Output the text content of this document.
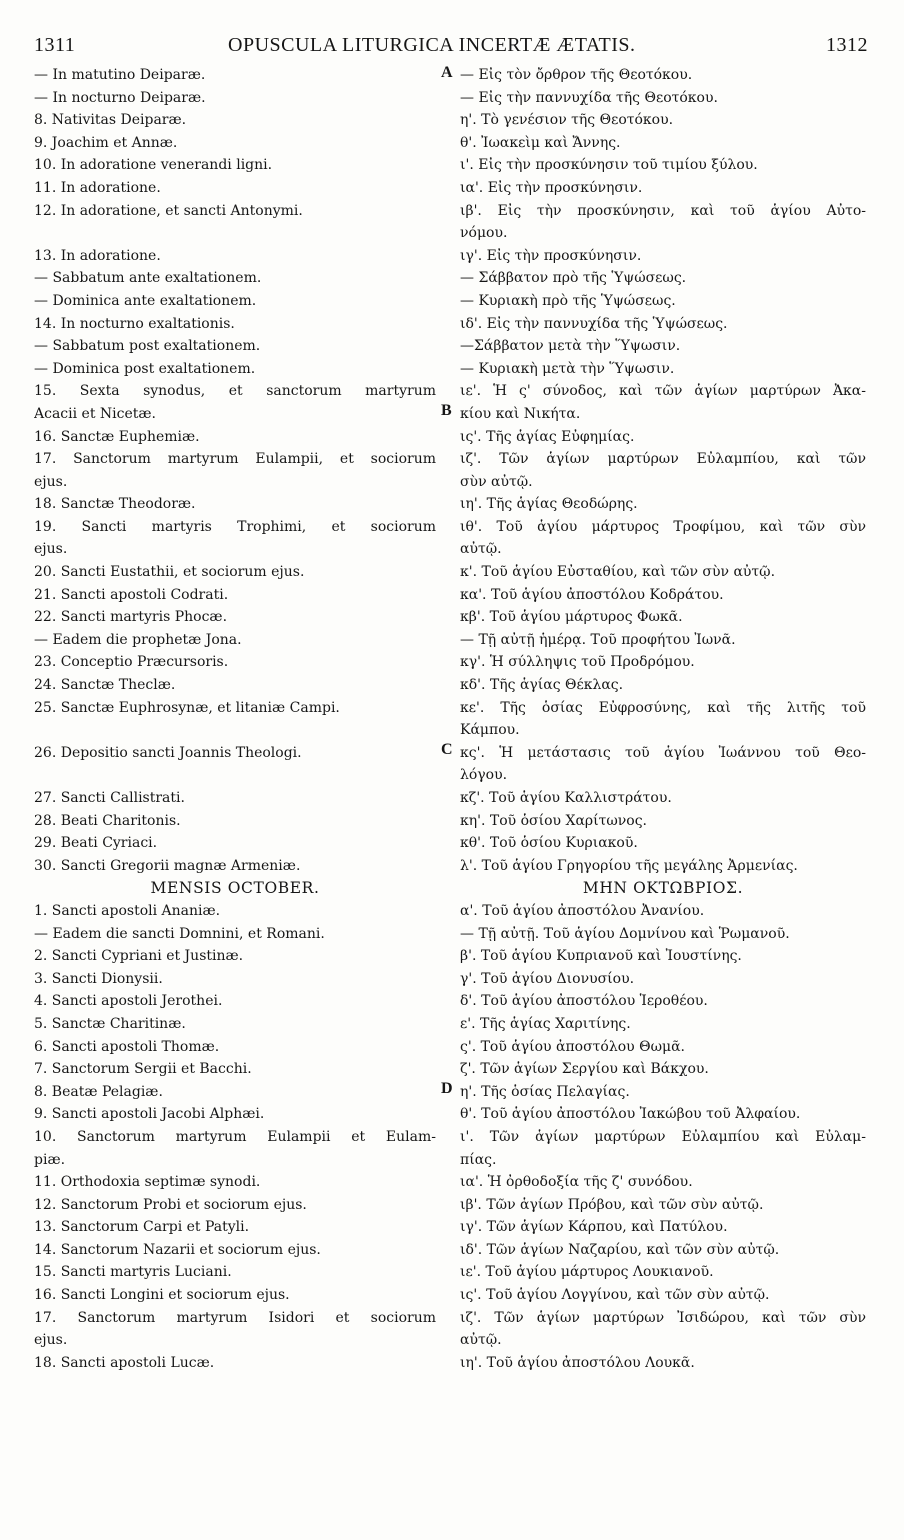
1311	OPUSCULA LITURGICA INCERTÆ ÆTATIS.	1312
— In matutino Deiparæ.
— In nocturno Deiparæ.
8. Nativitas Deiparæ.
9. Joachim et Annæ.
10. In adoratione venerandi ligni.
11. In adoratione.
12. In adoratione, et sancti Antonymi.
13. In adoratione.
— Sabbatum ante exaltationem.
— Dominica ante exaltationem.
14. In nocturno exaltationis.
— Sabbatum post exaltationem.
— Dominica post exaltationem.
15. Sexta synodus, et sanctorum martyrum
Acacii et Nicetæ.
16. Sanctæ Euphemiæ.
17. Sanctorum martyrum Eulampii, et sociorum
ejus.
18. Sanctæ Theodoræ.
19. Sancti martyris Trophimi, et sociorum
ejus.
20. Sancti Eustathii, et sociorum ejus.
21. Sancti apostoli Codrati.
22. Sancti martyris Phocæ.
— Eadem die prophetæ Jona.
23. Conceptio Præcursoris.
24. Sanctæ Theclæ.
25. Sanctæ Euphrosynæ, et litaniæ Campi.
26. Depositio sancti Joannis Theologi.
27. Sancti Callistrati.
28. Beati Charitonis.
29. Beati Cyriaci.
30. Sancti Gregorii magnæ Armeniæ.
MENSIS OCTOBER.
1. Sancti apostoli Ananiæ.
— Eadem die sancti Domnini, et Romani.
2. Sancti Cypriani et Justinæ.
3. Sancti Dionysii.
4. Sancti apostoli Jerothei.
5. Sanctæ Charitinæ.
6. Sancti apostoli Thomæ.
7. Sanctorum Sergii et Bacchi.
8. Beatæ Pelagiæ.
9. Sancti apostoli Jacobi Alphæi.
10. Sanctorum martyrum Eulampii et Eulam-
piæ.
11. Orthodoxia septimæ synodi.
12. Sanctorum Probi et sociorum ejus.
13. Sanctorum Carpi et Patyli.
14. Sanctorum Nazarii et sociorum ejus.
15. Sancti martyris Luciani.
16. Sancti Longini et sociorum ejus.
17. Sanctorum martyrum Isidori et sociorum
ejus.
18. Sancti apostoli Lucæ.
— Εἰς τὸν ὄρθρον τῆς Θεοτόκου.
— Εἰς τὴν παννυχίδα τῆς Θεοτόκου.
η'. Τὸ γενέσιον τῆς Θεοτόκου.
θ'. Ἰωακεὶμ καὶ Ἄννης.
ι'. Εἰς τὴν προσκύνησιν τοῦ τιμίου ξύλου.
ια'. Εἰς τὴν προσκύνησιν.
ιβ'. Εἰς τὴν προσκύνησιν, καὶ τοῦ ἁγίου Αὐτο-
νόμου.
ιγ'. Εἰς τὴν προσκύνησιν.
— Σάββατον πρὸ τῆς Ὑψώσεως.
— Κυριακὴ πρὸ τῆς Ὑψώσεως.
ιδ'. Εἰς τὴν παννυχίδα τῆς Ὑψώσεως.
—Σάββατον μετὰ τὴν Ὕψωσιν.
— Κυριακὴ μετὰ τὴν Ὕψωσιν.
ιε'. Ἡ ς' σύνοδος, καὶ τῶν ἁγίων μαρτύρων Ἀκα-
κίου καὶ Νικήτα.
ις'. Τῆς ἁγίας Εὐφημίας.
ιζ'. Τῶν ἁγίων μαρτύρων Εὐλαμπίου, καὶ τῶν
σὺν αὐτῷ.
ιη'. Τῆς ἁγίας Θεοδώρης.
ιθ'. Τοῦ ἁγίου μάρτυρος Τροφίμου, καὶ τῶν σὺν
αὐτῷ.
κ'. Τοῦ ἁγίου Εὐσταθίου, καὶ τῶν σὺν αὐτῷ.
κα'. Τοῦ ἁγίου ἀποστόλου Κοδράτου.
κβ'. Τοῦ ἁγίου μάρτυρος Φωκᾶ.
— Τῇ αὐτῇ ἡμέρᾳ. Τοῦ προφήτου Ἰωνᾶ.
κγ'. Ἡ σύλληψις τοῦ Προδρόμου.
κδ'. Τῆς ἁγίας Θέκλας.
κε'. Τῆς ὁσίας Εὐφροσύνης, καὶ τῆς λιτῆς τοῦ
Κάμπου.
κς'. Ἡ μετάστασις τοῦ ἁγίου Ἰωάννου τοῦ Θεο-
λόγου.
κζ'. Τοῦ ἁγίου Καλλιστράτου.
κη'. Τοῦ ὁσίου Χαρίτωνος.
κθ'. Τοῦ ὁσίου Κυριακοῦ.
λ'. Τοῦ ἁγίου Γρηγορίου τῆς μεγάλης Ἀρμενίας.
ΜΗΝ ΟΚΤΩΒΡΙΟΣ.
α'. Τοῦ ἁγίου ἀποστόλου Ἀνανίου.
— Τῇ αὐτῇ. Τοῦ ἁγίου Δομνίνου καὶ Ῥωμανοῦ.
β'. Τοῦ ἁγίου Κυπριανοῦ καὶ Ἰουστίνης.
γ'. Τοῦ ἁγίου Διονυσίου.
δ'. Τοῦ ἁγίου ἀποστόλου Ἱεροθέου.
ε'. Τῆς ἁγίας Χαριτίνης.
ς'. Τοῦ ἁγίου ἀποστόλου Θωμᾶ.
ζ'. Τῶν ἁγίων Σεργίου καὶ Βάκχου.
η'. Τῆς ὁσίας Πελαγίας.
θ'. Τοῦ ἁγίου ἀποστόλου Ἰακώβου τοῦ Ἀλφαίου.
ι'. Τῶν ἁγίων μαρτύρων Εὐλαμπίου καὶ Εὐλαμ-
πίας.
ια'. Ἡ ὀρθοδοξία τῆς ζ' συνόδου.
ιβ'. Τῶν ἁγίων Πρόβου, καὶ τῶν σὺν αὐτῷ.
ιγ'. Τῶν ἁγίων Κάρπου, καὶ Πατύλου.
ιδ'. Τῶν ἁγίων Ναζαρίου, καὶ τῶν σὺν αὐτῷ.
ιε'. Τοῦ ἁγίου μάρτυρος Λουκιανοῦ.
ις'. Τοῦ ἁγίου Λογγίνου, καὶ τῶν σὺν αὐτῷ.
ιζ'. Τῶν ἁγίων μαρτύρων Ἰσιδώρου, καὶ τῶν σὺν
αὐτῷ.
ιη'. Τοῦ ἁγίου ἀποστόλου Λουκᾶ.
A
B
C
D
